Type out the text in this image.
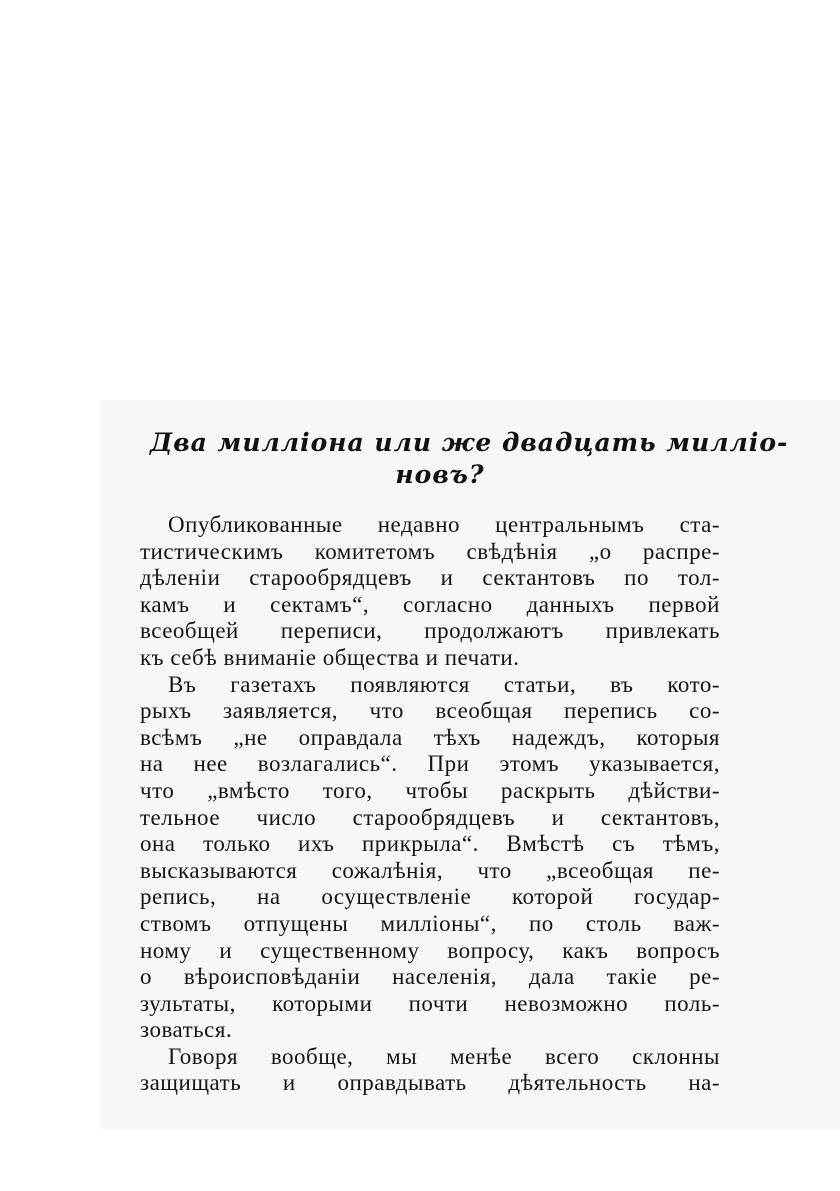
Два милліона или же двадцать милліо-
новъ?
Опубликованные недавно центральнымъ ста-
тистическимъ комитетомъ свѣдѣнія „о распре-
дѣленіи старообрядцевъ и сектантовъ по тол-
камъ и сектамъ“, согласно данныхъ первой
всеобщей переписи, продолжаютъ привлекать
къ себѣ вниманіе общества и печати.
Въ газетахъ появляются статьи, въ кото-
рыхъ заявляется, что всеобщая перепись со-
всѣмъ „не оправдала тѣхъ надеждъ, которыя
на нее возлагались“. При этомъ указывается,
что „вмѣсто того, чтобы раскрыть дѣйстви-
тельное число старообрядцевъ и сектантовъ,
она только ихъ прикрыла“. Вмѣстѣ съ тѣмъ,
высказываются сожалѣнія, что „всеобщая пе-
репись, на осуществленіе которой государ-
ствомъ отпущены милліоны“, по столь важ-
ному и существенному вопросу, какъ вопросъ
о вѣроисповѣданіи населенія, дала такіе ре-
зультаты, которыми почти невозможно поль-
зоваться.
Говоря вообще, мы менѣе всего склонны
защищать и оправдывать дѣятельность на-
